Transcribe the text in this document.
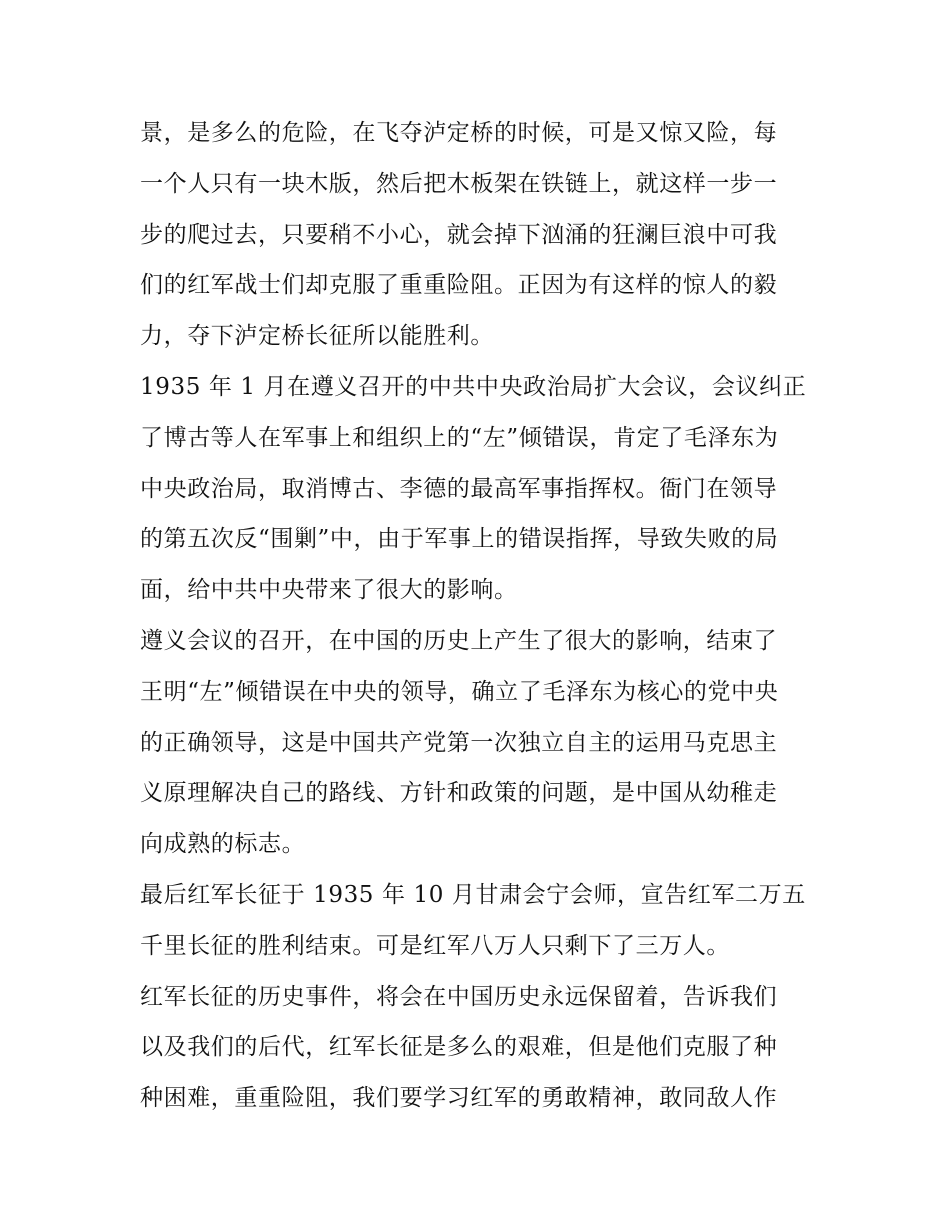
景，是多么的危险，在飞夺泸定桥的时候，可是又惊又险，每
一个人只有一块木版，然后把木板架在铁链上，就这样一步一
步的爬过去，只要稍不小心，就会掉下汹涌的狂澜巨浪中可我
们的红军战士们却克服了重重险阻。正因为有这样的惊人的毅
力，夺下泸定桥长征所以能胜利。
1935 年 1 月在遵义召开的中共中央政治局扩大会议，会议纠正
了博古等人在军事上和组织上的“左”倾错误，肯定了毛泽东为
中央政治局，取消博古、李德的最高军事指挥权。衙门在领导
的第五次反“围剿”中，由于军事上的错误指挥，导致失败的局
面，给中共中央带来了很大的影响。
遵义会议的召开，在中国的历史上产生了很大的影响，结束了
王明“左”倾错误在中央的领导，确立了毛泽东为核心的党中央
的正确领导，这是中国共产党第一次独立自主的运用马克思主
义原理解决自己的路线、方针和政策的问题，是中国从幼稚走
向成熟的标志。
最后红军长征于 1935 年 10 月甘肃会宁会师，宣告红军二万五
千里长征的胜利结束。可是红军八万人只剩下了三万人。
红军长征的历史事件，将会在中国历史永远保留着，告诉我们
以及我们的后代，红军长征是多么的艰难，但是他们克服了种
种困难，重重险阻，我们要学习红军的勇敢精神，敢同敌人作
